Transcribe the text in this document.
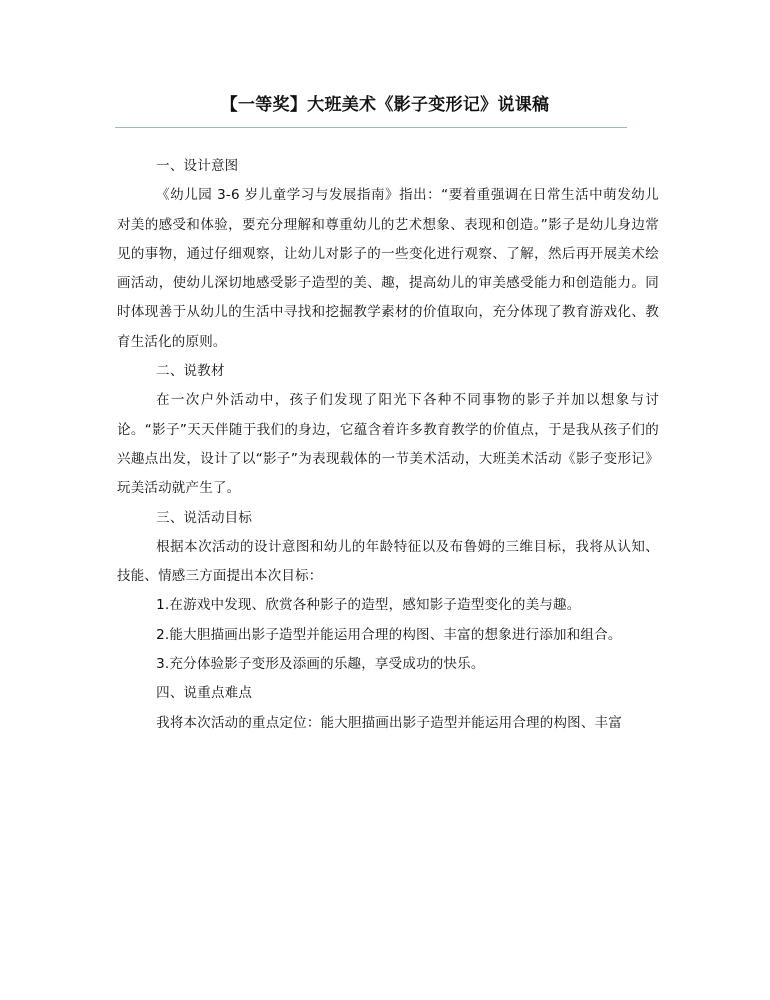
【一等奖】大班美术《影子变形记》说课稿

一、设计意图

《幼儿园 3-6 岁儿童学习与发展指南》指出：“要着重强调在日常生活中萌发幼儿对美的感受和体验，要充分理解和尊重幼儿的艺术想象、表现和创造。”影子是幼儿身边常见的事物，通过仔细观察，让幼儿对影子的一些变化进行观察、了解，然后再开展美术绘画活动，使幼儿深切地感受影子造型的美、趣，提高幼儿的审美感受能力和创造能力。同时体现善于从幼儿的生活中寻找和挖掘教学素材的价值取向，充分体现了教育游戏化、教育生活化的原则。

二、说教材

在一次户外活动中，孩子们发现了阳光下各种不同事物的影子并加以想象与讨论。“影子”天天伴随于我们的身边，它蕴含着许多教育教学的价值点，于是我从孩子们的兴趣点出发，设计了以“影子”为表现载体的一节美术活动，大班美术活动《影子变形记》玩美活动就产生了。

三、说活动目标

根据本次活动的设计意图和幼儿的年龄特征以及布鲁姆的三维目标，我将从认知、技能、情感三方面提出本次目标：

1.在游戏中发现、欣赏各种影子的造型，感知影子造型变化的美与趣。

2.能大胆描画出影子造型并能运用合理的构图、丰富的想象进行添加和组合。

3.充分体验影子变形及添画的乐趣，享受成功的快乐。

四、说重点难点

我将本次活动的重点定位：能大胆描画出影子造型并能运用合理的构图、丰富
